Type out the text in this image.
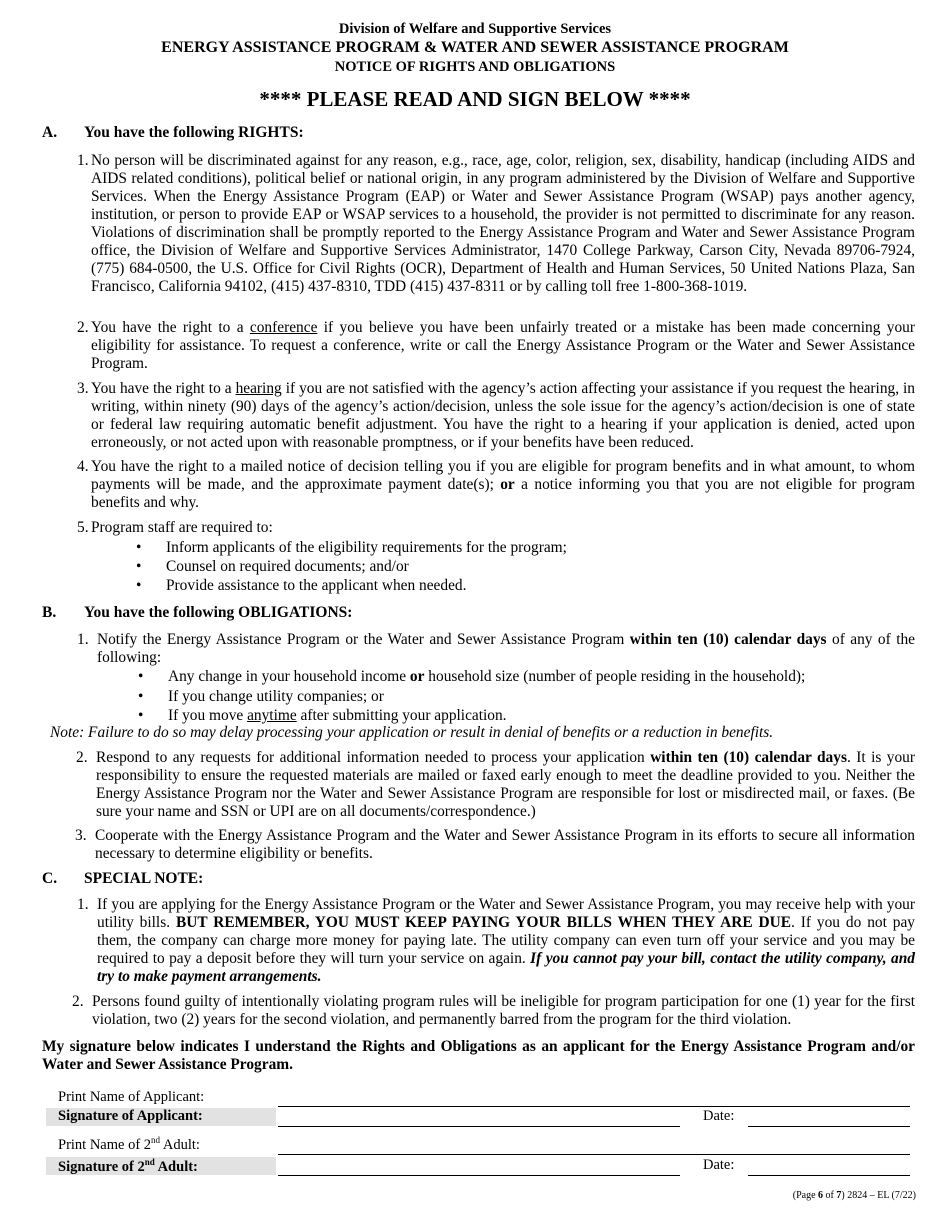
Division of Welfare and Supportive Services
ENERGY ASSISTANCE PROGRAM & WATER AND SEWER ASSISTANCE PROGRAM
NOTICE OF RIGHTS AND OBLIGATIONS
**** PLEASE READ AND SIGN BELOW ****
A. You have the following RIGHTS:
1. No person will be discriminated against for any reason, e.g., race, age, color, religion, sex, disability, handicap (including AIDS and AIDS related conditions), political belief or national origin, in any program administered by the Division of Welfare and Supportive Services. When the Energy Assistance Program (EAP) or Water and Sewer Assistance Program (WSAP) pays another agency, institution, or person to provide EAP or WSAP services to a household, the provider is not permitted to discriminate for any reason. Violations of discrimination shall be promptly reported to the Energy Assistance Program and Water and Sewer Assistance Program office, the Division of Welfare and Supportive Services Administrator, 1470 College Parkway, Carson City, Nevada 89706-7924, (775) 684-0500, the U.S. Office for Civil Rights (OCR), Department of Health and Human Services, 50 United Nations Plaza, San Francisco, California 94102, (415) 437-8310, TDD (415) 437-8311 or by calling toll free 1-800-368-1019.
2. You have the right to a conference if you believe you have been unfairly treated or a mistake has been made concerning your eligibility for assistance. To request a conference, write or call the Energy Assistance Program or the Water and Sewer Assistance Program.
3. You have the right to a hearing if you are not satisfied with the agency’s action affecting your assistance if you request the hearing, in writing, within ninety (90) days of the agency’s action/decision, unless the sole issue for the agency’s action/decision is one of state or federal law requiring automatic benefit adjustment. You have the right to a hearing if your application is denied, acted upon erroneously, or not acted upon with reasonable promptness, or if your benefits have been reduced.
4. You have the right to a mailed notice of decision telling you if you are eligible for program benefits and in what amount, to whom payments will be made, and the approximate payment date(s); or a notice informing you that you are not eligible for program benefits and why.
5. Program staff are required to:
• Inform applicants of the eligibility requirements for the program;
• Counsel on required documents; and/or
• Provide assistance to the applicant when needed.
B. You have the following OBLIGATIONS:
1. Notify the Energy Assistance Program or the Water and Sewer Assistance Program within ten (10) calendar days of any of the following:
• Any change in your household income or household size (number of people residing in the household);
• If you change utility companies; or
• If you move anytime after submitting your application.
Note: Failure to do so may delay processing your application or result in denial of benefits or a reduction in benefits.
2. Respond to any requests for additional information needed to process your application within ten (10) calendar days. It is your responsibility to ensure the requested materials are mailed or faxed early enough to meet the deadline provided to you. Neither the Energy Assistance Program nor the Water and Sewer Assistance Program are responsible for lost or misdirected mail, or faxes. (Be sure your name and SSN or UPI are on all documents/correspondence.)
3. Cooperate with the Energy Assistance Program and the Water and Sewer Assistance Program in its efforts to secure all information necessary to determine eligibility or benefits.
C. SPECIAL NOTE:
1. If you are applying for the Energy Assistance Program or the Water and Sewer Assistance Program, you may receive help with your utility bills. BUT REMEMBER, YOU MUST KEEP PAYING YOUR BILLS WHEN THEY ARE DUE. If you do not pay them, the company can charge more money for paying late. The utility company can even turn off your service and you may be required to pay a deposit before they will turn your service on again. If you cannot pay your bill, contact the utility company, and try to make payment arrangements.
2. Persons found guilty of intentionally violating program rules will be ineligible for program participation for one (1) year for the first violation, two (2) years for the second violation, and permanently barred from the program for the third violation.
My signature below indicates I understand the Rights and Obligations as an applicant for the Energy Assistance Program and/or Water and Sewer Assistance Program.
Print Name of Applicant:
Signature of Applicant:	Date:
Print Name of 2nd Adult:
Signature of 2nd Adult:	Date:
(Page 6 of 7) 2824 – EL (7/22)
